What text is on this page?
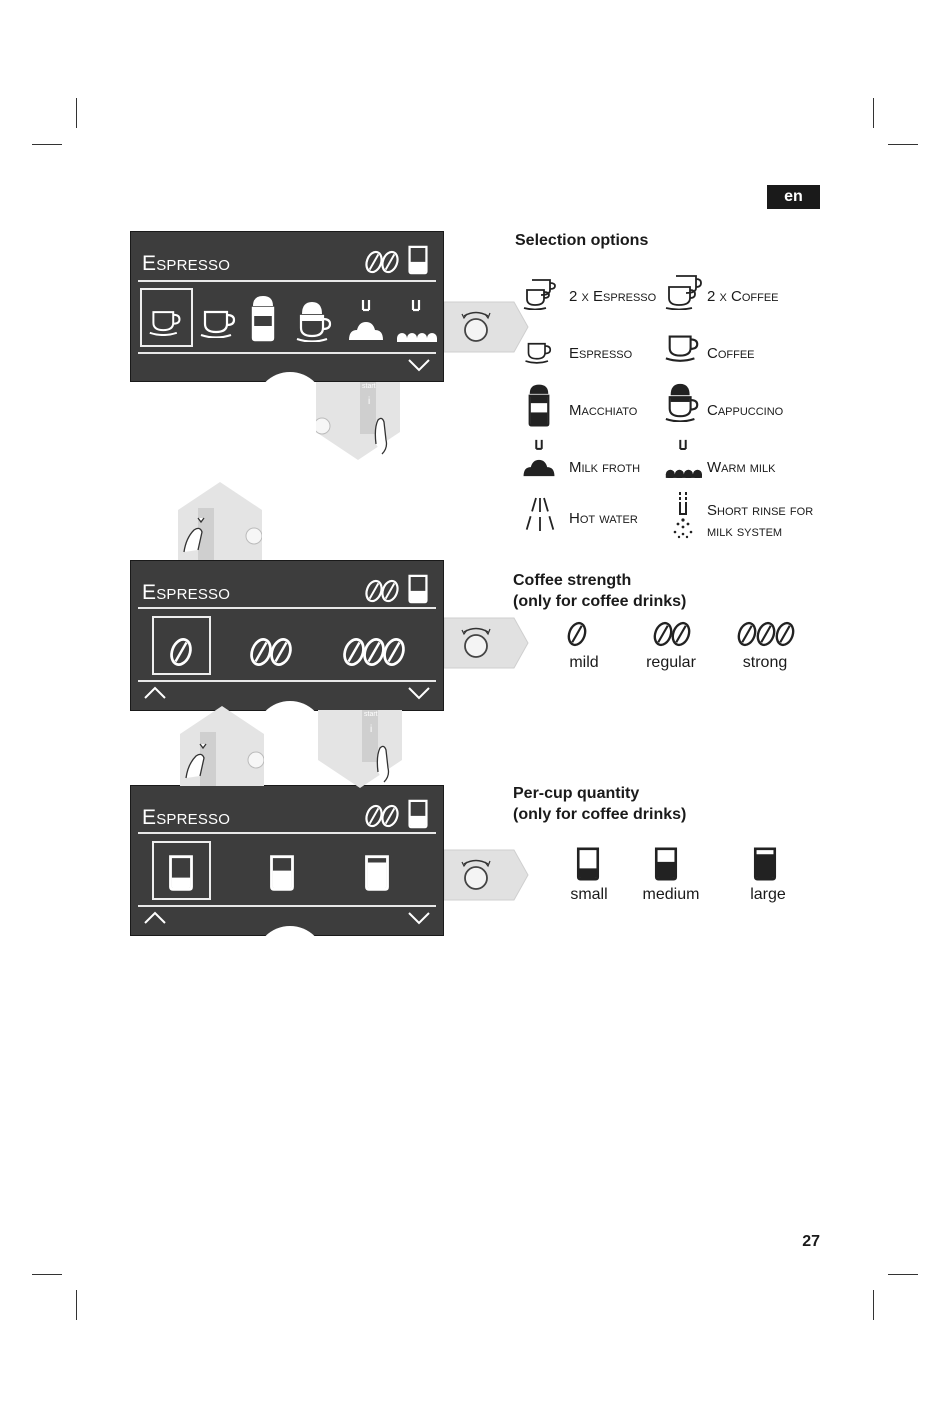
en
27
Espresso
Espresso
Espresso
start
i
start
i
Selection options
2 x Espresso	2 x Coffee
Espresso	Coffee
Macchiato	Cappuccino
Milk froth	Warm milk
Hot water	Short rinse for
milk system
Coffee strength
(only for coffee drinks)
mild	regular	strong
Per-cup quantity
(only for coffee drinks)
small	medium	large
